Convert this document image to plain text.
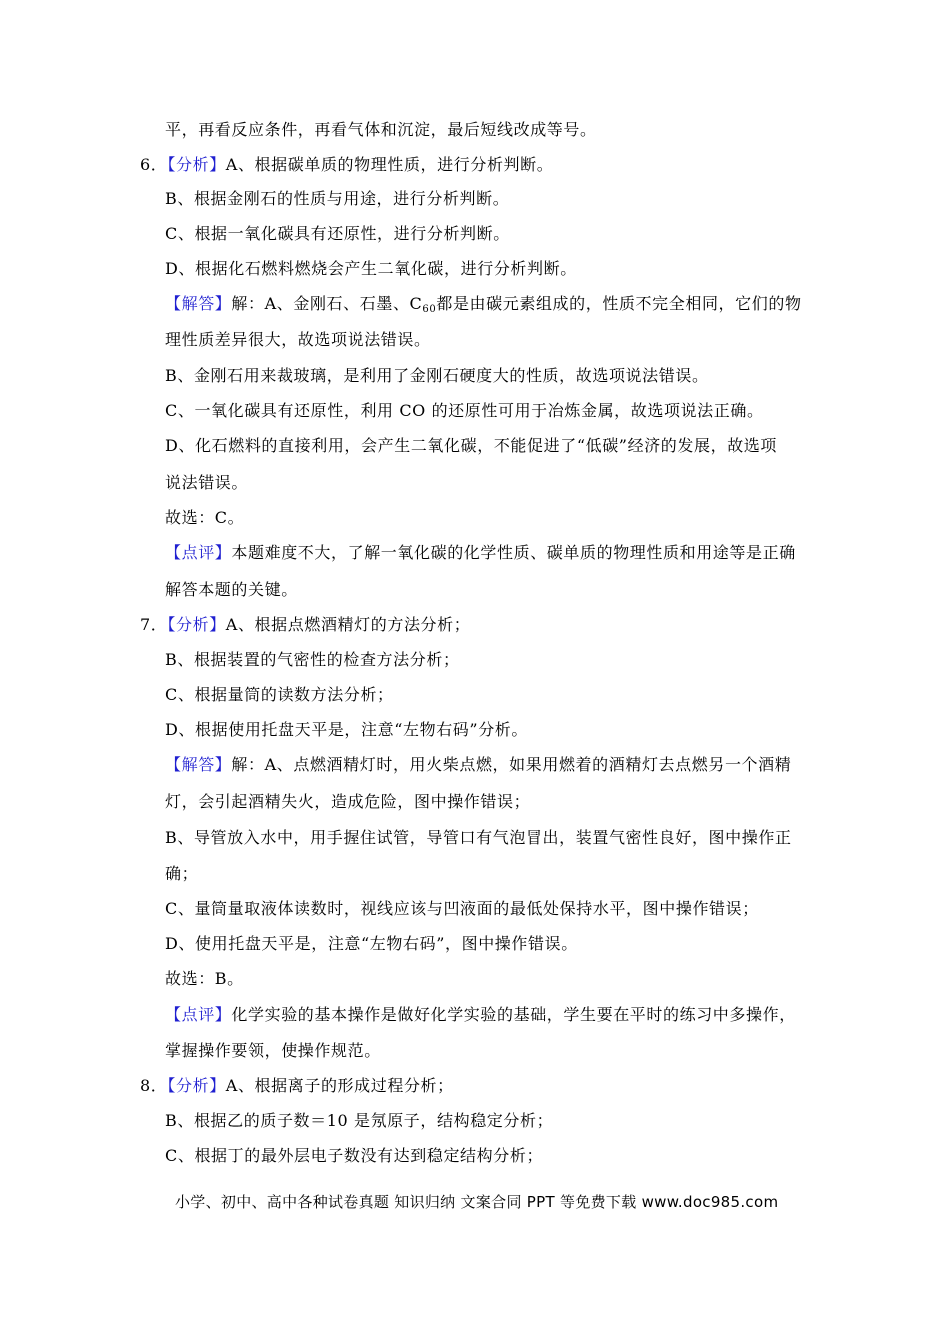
平，再看反应条件，再看气体和沉淀，最后短线改成等号。
6．【分析】A、根据碳单质的物理性质，进行分析判断。
B、根据金刚石的性质与用途，进行分析判断。
C、根据一氧化碳具有还原性，进行分析判断。
D、根据化石燃料燃烧会产生二氧化碳，进行分析判断。
【解答】解：A、金刚石、石墨、$C_{60}$都是由碳元素组成的，性质不完全相同，它们的物
理性质差异很大，故选项说法错误。
B、金刚石用来裁玻璃，是利用了金刚石硬度大的性质，故选项说法错误。
C、一氧化碳具有还原性，利用 CO 的还原性可用于冶炼金属，故选项说法正确。
D、化石燃料的直接利用，会产生二氧化碳，不能促进了“低碳”经济的发展，故选项
说法错误。
故选：C。
【点评】本题难度不大，了解一氧化碳的化学性质、碳单质的物理性质和用途等是正确
解答本题的关键。
7．【分析】A、根据点燃酒精灯的方法分析；
B、根据装置的气密性的检查方法分析；
C、根据量筒的读数方法分析；
D、根据使用托盘天平是，注意“左物右码”分析。
【解答】解：A、点燃酒精灯时，用火柴点燃，如果用燃着的酒精灯去点燃另一个酒精
灯，会引起酒精失火，造成危险，图中操作错误；
B、导管放入水中，用手握住试管，导管口有气泡冒出，装置气密性良好，图中操作正
确；
C、量筒量取液体读数时，视线应该与凹液面的最低处保持水平，图中操作错误；
D、使用托盘天平是，注意“左物右码”，图中操作错误。
故选：B。
【点评】化学实验的基本操作是做好化学实验的基础，学生要在平时的练习中多操作，
掌握操作要领，使操作规范。
8．【分析】A、根据离子的形成过程分析；
B、根据乙的质子数＝10 是氖原子，结构稳定分析；
C、根据丁的最外层电子数没有达到稳定结构分析；
小学、初中、高中各种试卷真题 知识归纳 文案合同 PPT 等免费下载 www.doc985.com
